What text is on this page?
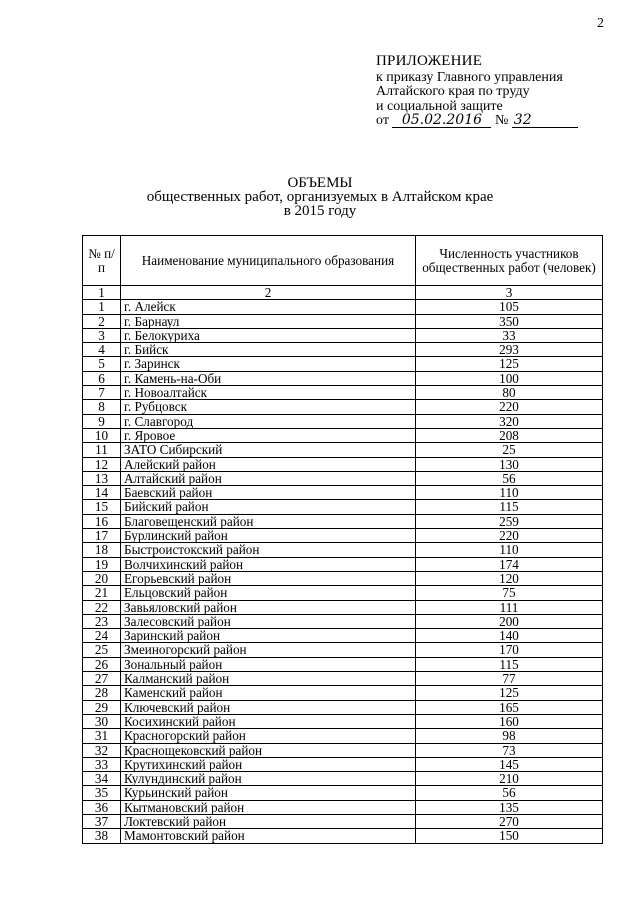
2
ПРИЛОЖЕНИЕ
к приказу Главного управления
Алтайского края по труду
и социальной защите
от 05.02.2016 № 32
ОБЪЕМЫ
общественных работ, организуемых в Алтайском крае
в 2015 году
№ п/п	Наименование муниципального образования	Численность участников общественных работ (человек)
1	2	3
1	г. Алейск	105
2	г. Барнаул	350
3	г. Белокуриха	33
4	г. Бийск	293
5	г. Заринск	125
6	г. Камень-на-Оби	100
7	г. Новоалтайск	80
8	г. Рубцовск	220
9	г. Славгород	320
10	г. Яровое	208
11	ЗАТО Сибирский	25
12	Алейский район	130
13	Алтайский район	56
14	Баевский район	110
15	Бийский район	115
16	Благовещенский район	259
17	Бурлинский район	220
18	Быстроистокский район	110
19	Волчихинский район	174
20	Егорьевский район	120
21	Ельцовский район	75
22	Завьяловский район	111
23	Залесовский район	200
24	Заринский район	140
25	Змеиногорский район	170
26	Зональный район	115
27	Калманский район	77
28	Каменский район	125
29	Ключевский район	165
30	Косихинский район	160
31	Красногорский район	98
32	Краснощековский район	73
33	Крутихинский район	145
34	Кулундинский район	210
35	Курьинский район	56
36	Кытмановский район	135
37	Локтевский район	270
38	Мамонтовский район	150
